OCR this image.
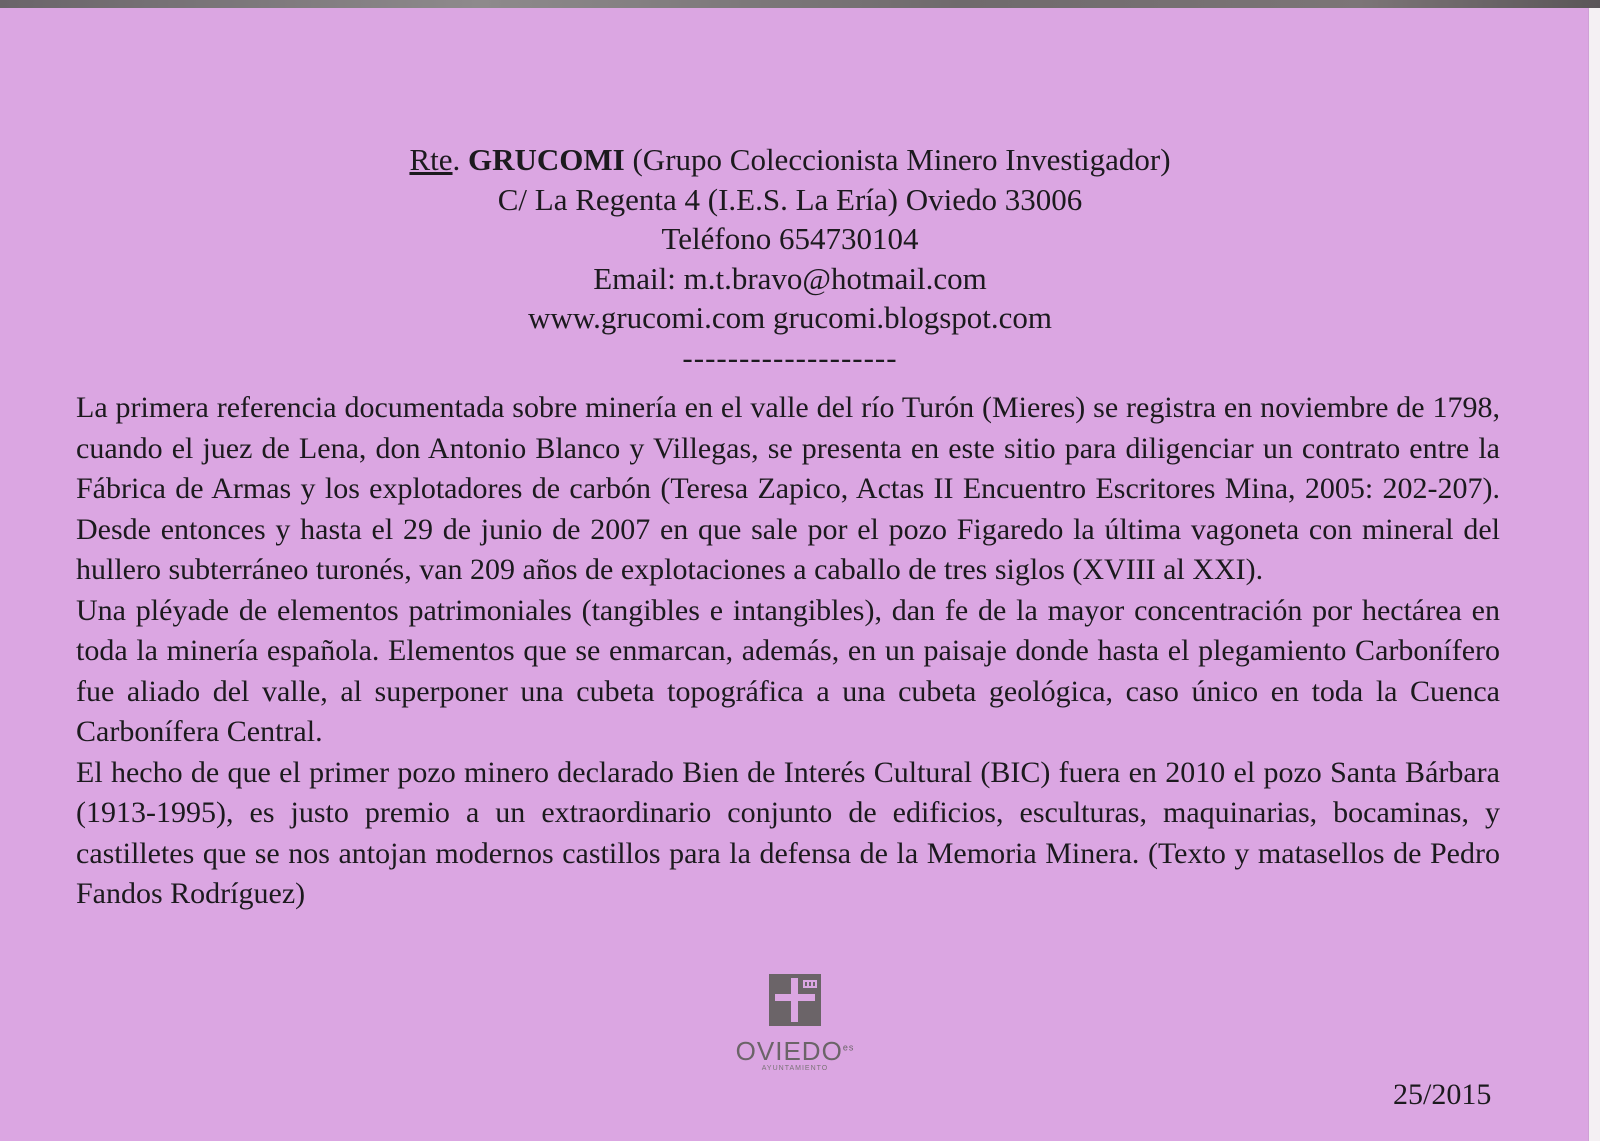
Rte. GRUCOMI (Grupo Coleccionista Minero Investigador)
C/ La Regenta 4 (I.E.S. La Ería) Oviedo 33006
Teléfono 654730104
Email: m.t.bravo@hotmail.com
www.grucomi.com grucomi.blogspot.com
-------------------

La primera referencia documentada sobre minería en el valle del río Turón (Mieres) se registra en noviembre de 1798, cuando el juez de Lena, don Antonio Blanco y Villegas, se presenta en este sitio para diligenciar un contrato entre la Fábrica de Armas y los explotadores de carbón (Teresa Zapico, Actas II Encuentro Escritores Mina, 2005: 202-207). Desde entonces y hasta el 29 de junio de 2007 en que sale por el pozo Figaredo la última vagoneta con mineral del hullero subterráneo turonés, van 209 años de explotaciones a caballo de tres siglos (XVIII al XXI).

Una pléyade de elementos patrimoniales (tangibles e intangibles), dan fe de la mayor concentración por hectárea en toda la minería española. Elementos que se enmarcan, además, en un paisaje donde hasta el plegamiento Carbonífero fue aliado del valle, al superponer una cubeta topográfica a una cubeta geológica, caso único en toda la Cuenca Carbonífera Central.

El hecho de que el primer pozo minero declarado Bien de Interés Cultural (BIC) fuera en 2010 el pozo Santa Bárbara (1913-1995), es justo premio a un extraordinario conjunto de edificios, esculturas, maquinarias, bocaminas, y castilletes que se nos antojan modernos castillos para la defensa de la Memoria Minera. (Texto y matasellos de Pedro Fandos Rodríguez)

$OVIEDO^{es}$
AYUNTAMIENTO
25/2015
